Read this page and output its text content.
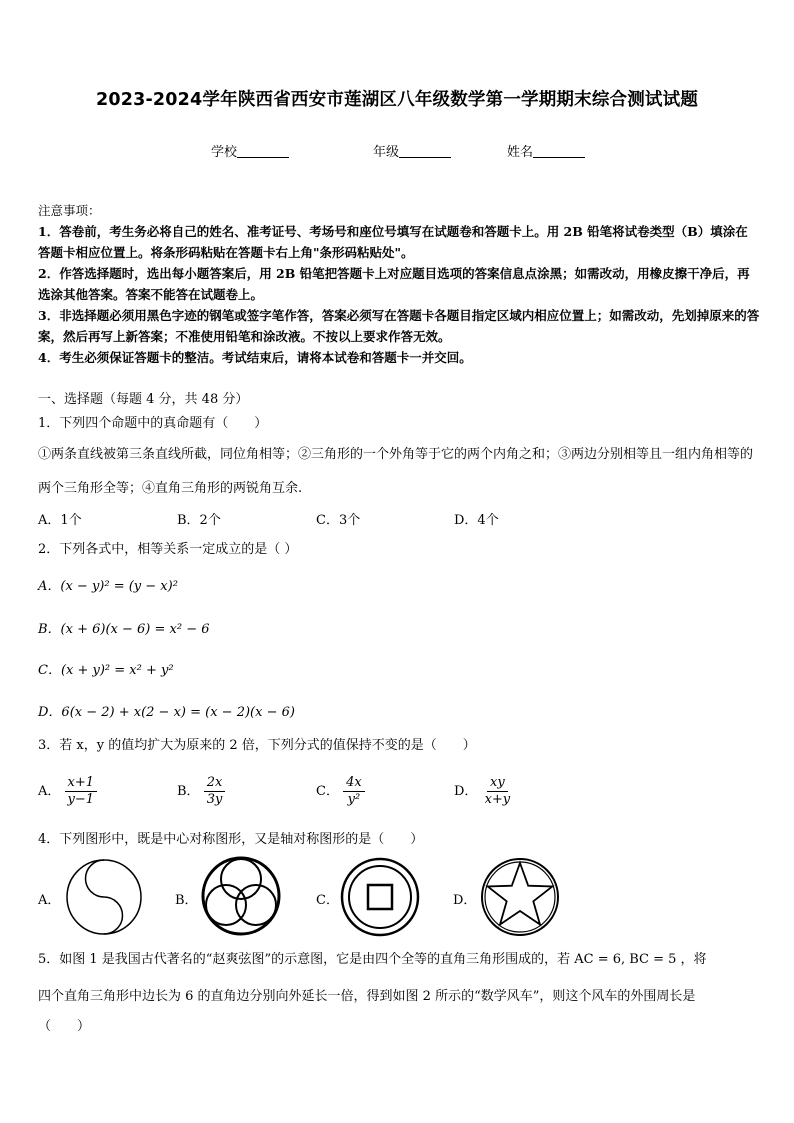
2023-2024学年陕西省西安市莲湖区八年级数学第一学期期末综合测试试题
学校	年级	姓名
注意事项：

1．答卷前，考生务必将自己的姓名、准考证号、考场号和座位号填写在试题卷和答题卡上。用 2B 铅笔将试卷类型（B）填涂在答题卡相应位置上。将条形码粘贴在答题卡右上角"条形码粘贴处"。

2．作答选择题时，选出每小题答案后，用 2B 铅笔把答题卡上对应题目选项的答案信息点涂黑；如需改动，用橡皮擦干净后，再选涂其他答案。答案不能答在试题卷上。

3．非选择题必须用黑色字迹的钢笔或签字笔作答，答案必须写在答题卡各题目指定区域内相应位置上；如需改动，先划掉原来的答案，然后再写上新答案；不准使用铅笔和涂改液。不按以上要求作答无效。

4．考生必须保证答题卡的整洁。考试结束后，请将本试卷和答题卡一并交回。

一、选择题（每题 4 分，共 48 分）
1．下列四个命题中的真命题有（　　）
①两条直线被第三条直线所截，同位角相等；②三角形的一个外角等于它的两个内角之和；③两边分别相等且一组内角相等的两个三角形全等；④直角三角形的两锐角互余.
A．1个	B．2个	C．3个	D．4个
2．下列各式中，相等关系一定成立的是（ ）
A．(x − y)² = (y − x)²
B．(x + 6)(x − 6) = x² − 6
C．(x + y)² = x² + y²
D．6(x − 2) + x(2 − x) = (x − 2)(x − 6)
3．若 x，y 的值均扩大为原来的 2 倍，下列分式的值保持不变的是（　　）
A． $\frac{x+1}{y-1}$	B． $\frac{2x}{3y}$	C． $\frac{4x}{\text{y²}}$	D． $\frac{xy}{x+y}$
4．下列图形中，既是中心对称图形，又是轴对称图形的是（　　）
A．	B．	C．	D．
5．如图 1 是我国古代著名的“赵爽弦图”的示意图，它是由四个全等的直角三角形围成的，若 AC = 6, BC = 5 ，将
四个直角三角形中边长为 6 的直角边分别向外延长一倍，得到如图 2 所示的“数学风车”，则这个风车的外围周长是
（　　）
